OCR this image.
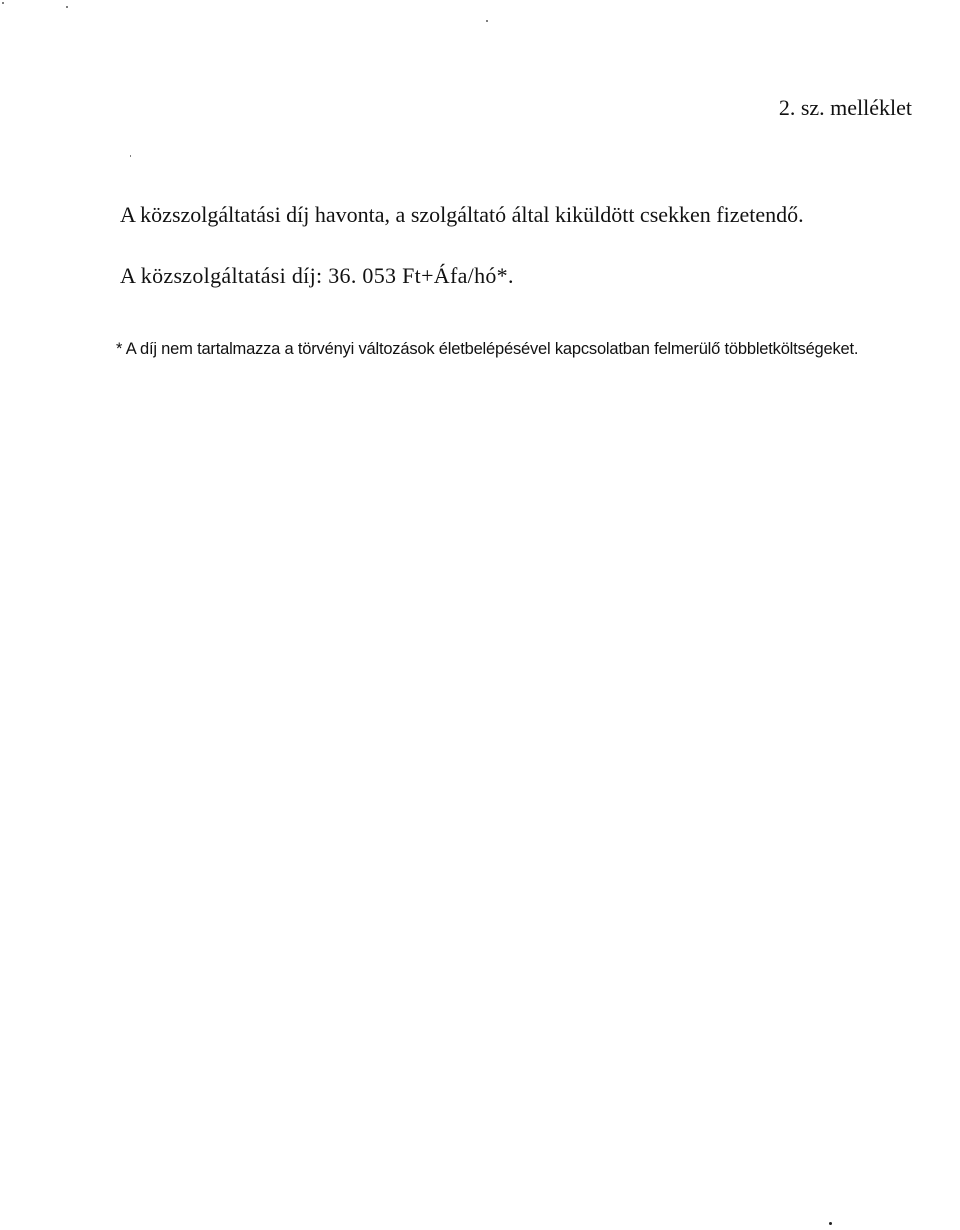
2. sz. melléklet
A közszolgáltatási díj havonta, a szolgáltató által kiküldött csekken fizetendő.
A közszolgáltatási díj: 36. 053 Ft+Áfa/hó*.
* A díj nem tartalmazza a törvényi változások életbelépésével kapcsolatban felmerülő többletköltségeket.
